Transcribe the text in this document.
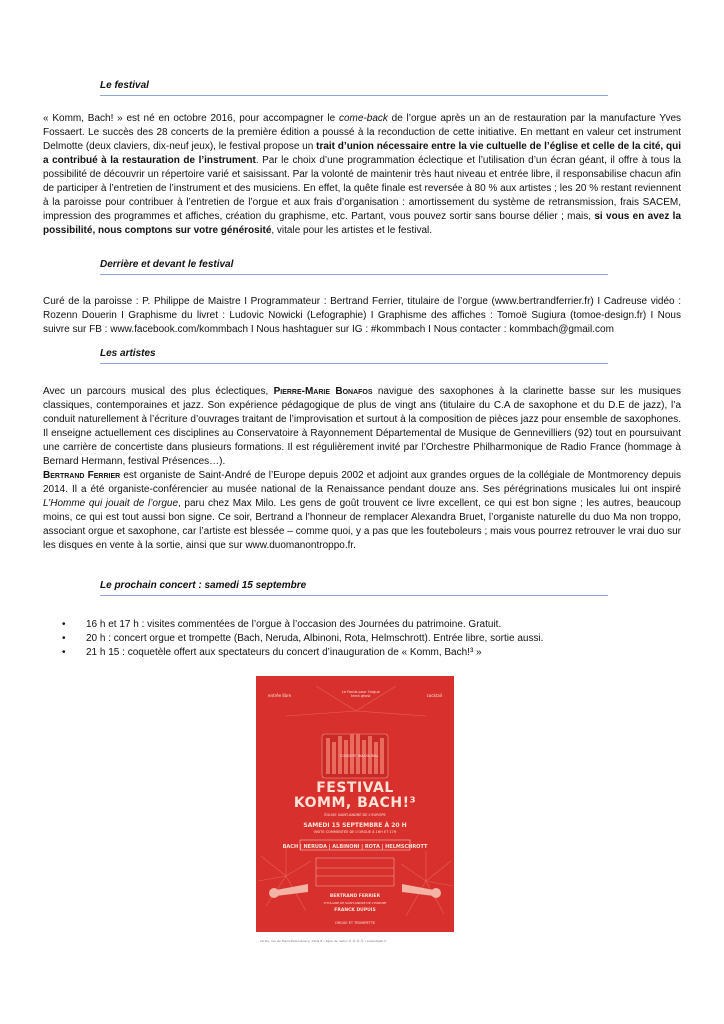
Le festival

« Komm, Bach! » est né en octobre 2016, pour accompagner le come-back de l’orgue après un an de restauration par la manufacture Yves Fossaert. Le succès des 28 concerts de la première édition a poussé à la reconduction de cette initiative. En mettant en valeur cet instrument Delmotte (deux claviers, dix-neuf jeux), le festival propose un trait d’union nécessaire entre la vie cultuelle de l’église et celle de la cité, qui a contribué à la restauration de l’instrument. Par le choix d’une programmation éclectique et l’utilisation d’un écran géant, il offre à tous la possibilité de découvrir un répertoire varié et saisissant. Par la volonté de maintenir très haut niveau et entrée libre, il responsabilise chacun afin de participer à l’entretien de l’instrument et des musiciens. En effet, la quête finale est reversée à 80 % aux artistes ; les 20 % restant reviennent à la paroisse pour contribuer à l’entretien de l’orgue et aux frais d’organisation : amortissement du système de retransmission, frais SACEM, impression des programmes et affiches, création du graphisme, etc. Partant, vous pouvez sortir sans bourse délier ; mais, si vous en avez la possibilité, nous comptons sur votre générosité, vitale pour les artistes et le festival.

Derrière et devant le festival

Curé de la paroisse : P. Philippe de Maistre I Programmateur : Bertrand Ferrier, titulaire de l’orgue (www.bertrandferrier.fr) I Cadreuse vidéo : Rozenn Douerin I Graphisme du livret : Ludovic Nowicki (Lefographie) I Graphisme des affiches : Tomoë Sugiura (tomoe-design.fr) I Nous suivre sur FB : www.facebook.com/kommbach I Nous hashtaguer sur IG : #kommbach I Nous contacter : kommbach@gmail.com

Les artistes

Avec un parcours musical des plus éclectiques, Pierre-Marie Bonafos navigue des saxophones à la clarinette basse sur les musiques classiques, contemporaines et jazz. Son expérience pédagogique de plus de vingt ans (titulaire du C.A de saxophone et du D.E de jazz), l’a conduit naturellement à l’écriture d’ouvrages traitant de l’improvisation et surtout à la composition de pièces jazz pour ensemble de saxophones. Il enseigne actuellement ces disciplines au Conservatoire à Rayonnement Départemental de Musique de Gennevilliers (92) tout en poursuivant une carrière de concertiste dans plusieurs formations. Il est régulièrement invité par l’Orchestre Philharmonique de Radio France (hommage à Bernard Hermann, festival Présences…).
Bertrand Ferrier est organiste de Saint-André de l’Europe depuis 2002 et adjoint aux grandes orgues de la collégiale de Montmorency depuis 2014. Il a été organiste-conférencier au musée national de la Renaissance pendant douze ans. Ses pérégrinations musicales lui ont inspiré L’Homme qui jouait de l’orgue, paru chez Max Milo. Les gens de goût trouvent ce livre excellent, ce qui est bon signe ; les autres, beaucoup moins, ce qui est tout aussi bon signe. Ce soir, Bertrand a l’honneur de remplacer Alexandra Bruet, l’organiste naturelle du duo Ma non troppo, associant orgue et saxophone, car l’artiste est blessée – comme quoi, y a pas que les fouteboleurs ; mais vous pourrez retrouver le vrai duo sur les disques en vente à la sortie, ainsi que sur www.duomanontroppo.fr.

Le prochain concert : samedi 15 septembre
• 16 h et 17 h : visites commentées de l’orgue à l’occasion des Journées du patrimoine. Gratuit.
• 20 h : concert orgue et trompette (Bach, Neruda, Albinoni, Rota, Helmschrott). Entrée libre, sortie aussi.
• 21 h 15 : coquetèle offert aux spectateurs du concert d’inauguration de « Komm, Bach!³ »
entrée libre
Le Fonds pour l'orgue
terra ghost	cocktail
CONCERT INAUGURAL
FESTIVAL
KOMM, BACH!³
ÉGLISE SAINT-ANDRÉ DE L'EUROPE
SAMEDI 15 SEPTEMBRE À 20 H
VISITE COMMENTÉE DE L'ORGUE À 16H ET 17H
BACH | NERUDA | ALBINONI | ROTA | HELMSCHROTT
BERTRAND FERRIER
TITULAIRE DE SAINT-ANDRÉ DE L'EUROPE
FRANCK DUPUIS
ORGUE ET TROMPETTE
24 bis, rue de Saint-Pétersbourg, Paris 8 • ligne de métro ② ③ ⑫ ⑬ • kommbach.fr
